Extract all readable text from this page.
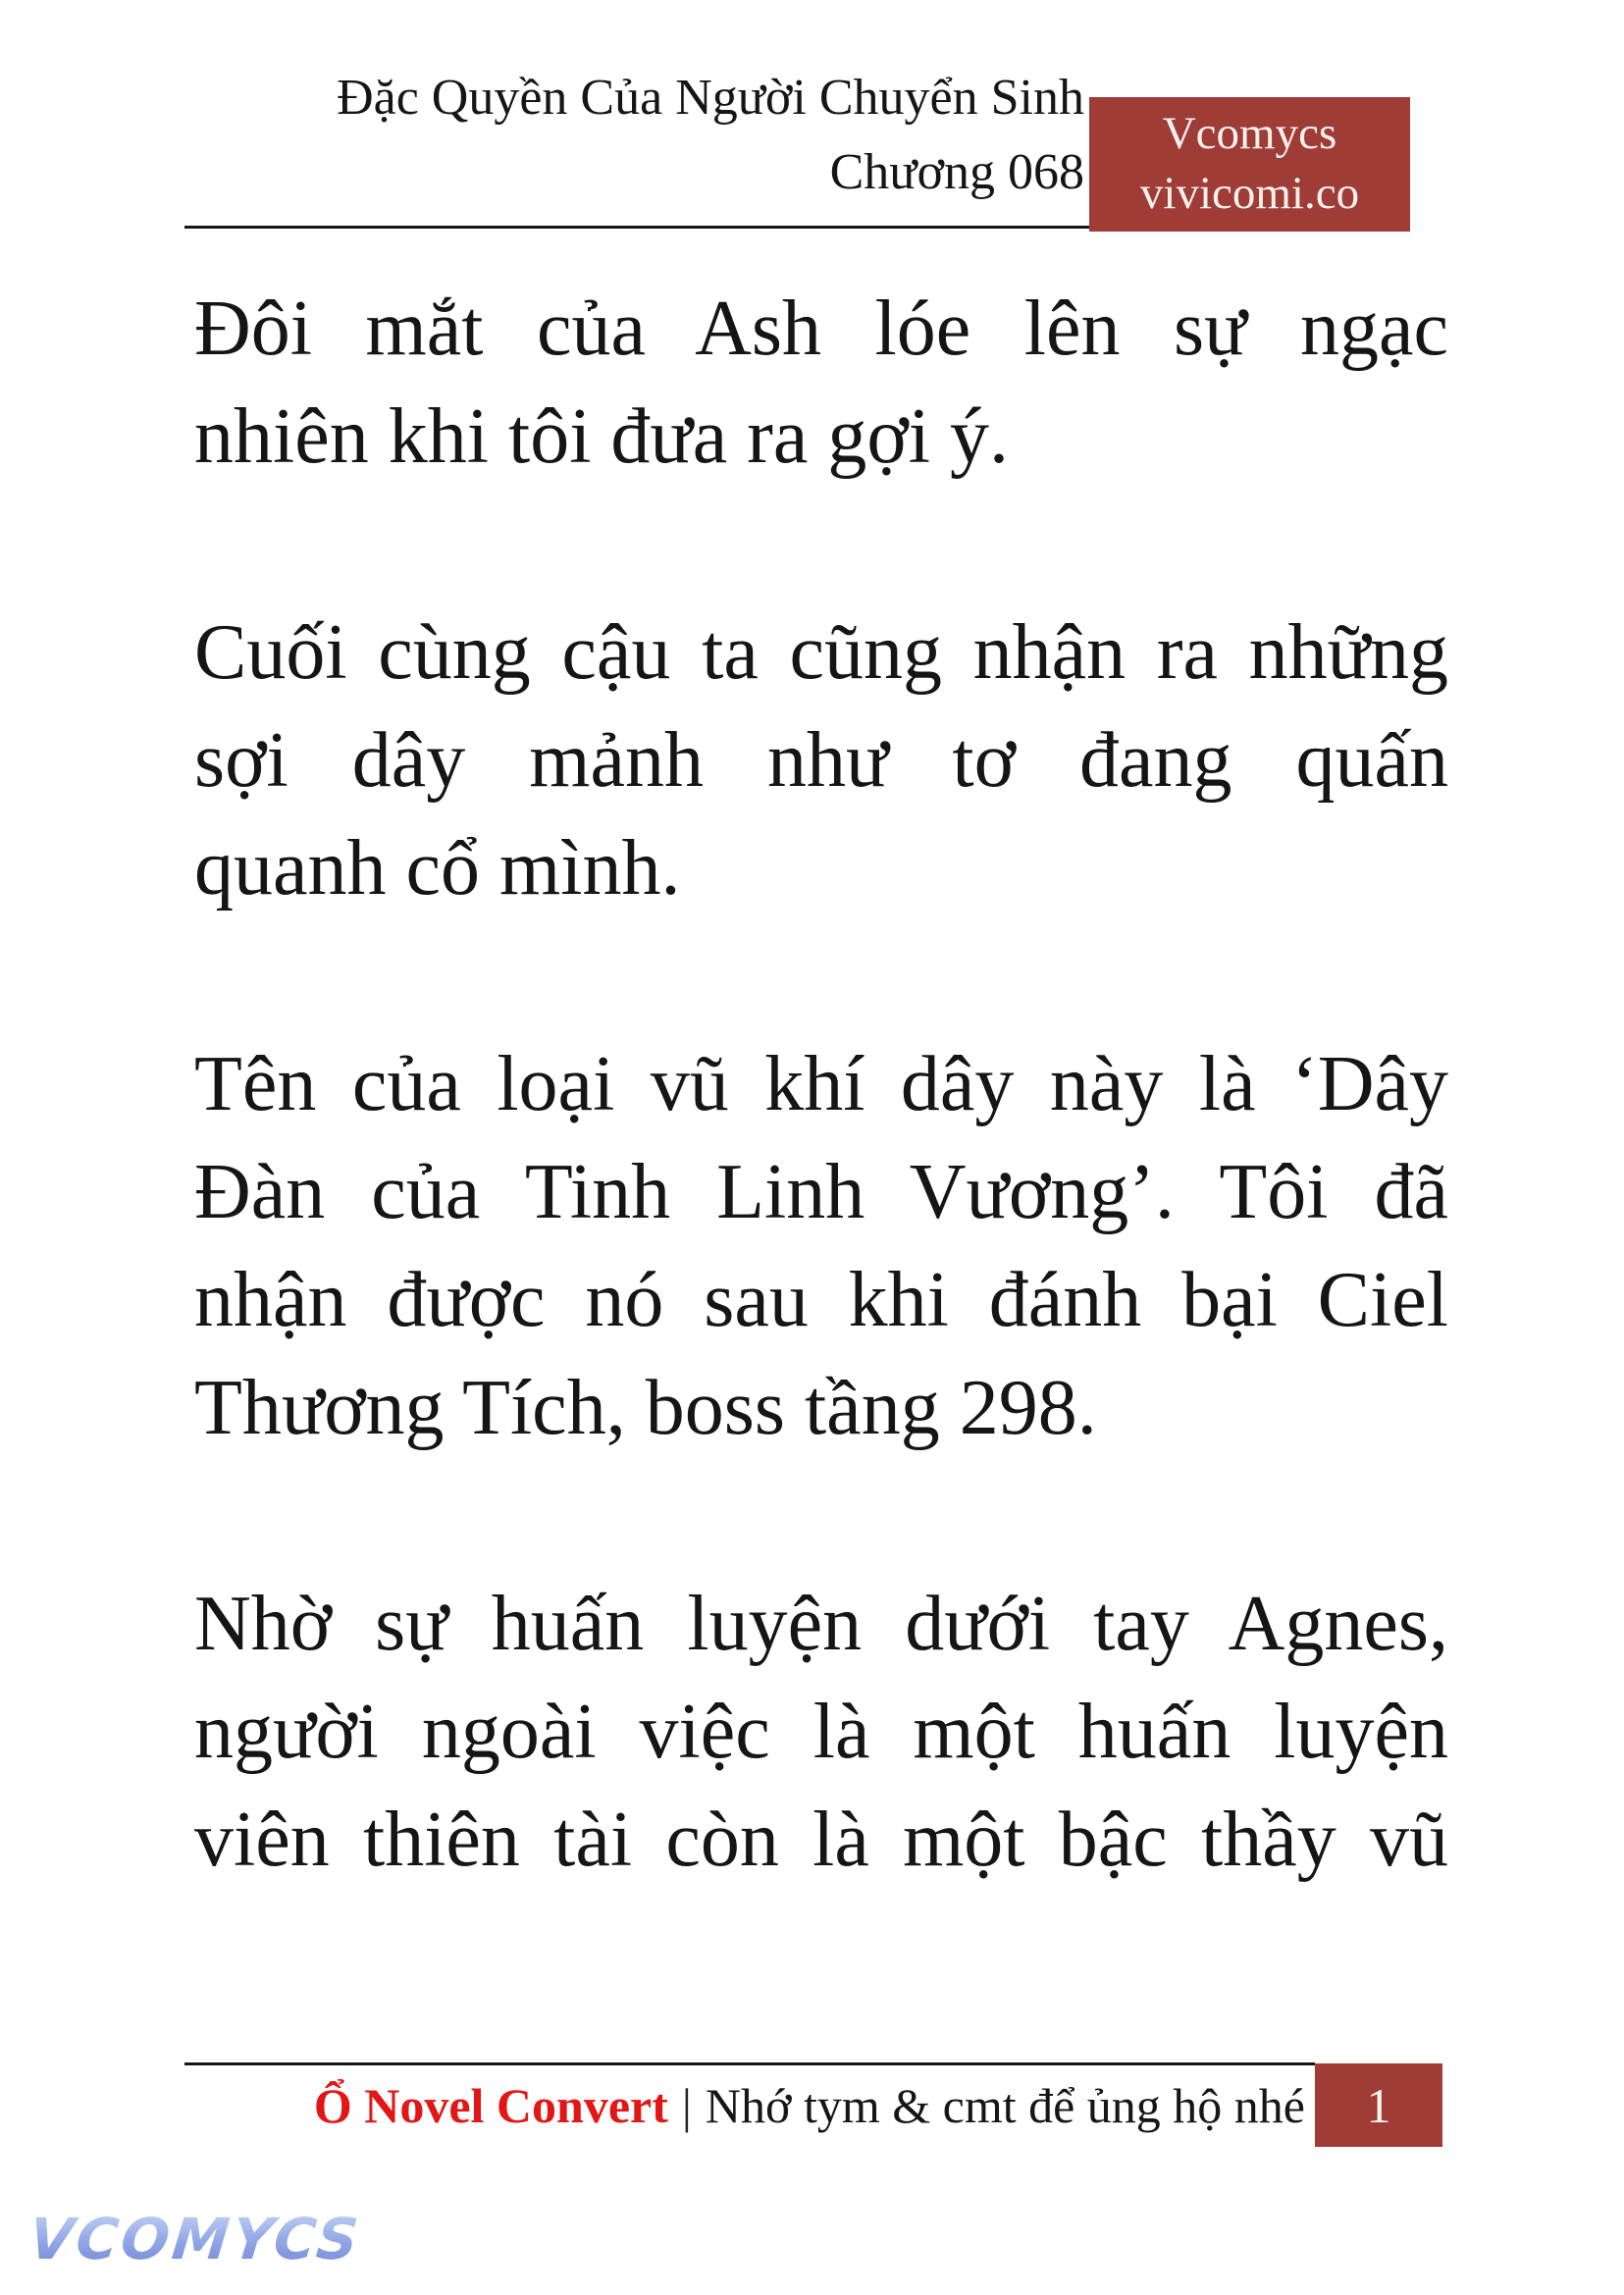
Đặc Quyền Của Người Chuyển Sinh
Chương 068
Vcomycs
vivicomi.co
Đôi mắt của Ash lóe lên sự ngạc
nhiên khi tôi đưa ra gợi ý.
Cuối cùng cậu ta cũng nhận ra những
sợi dây mảnh như tơ đang quấn
quanh cổ mình.
Tên của loại vũ khí dây này là ‘Dây
Đàn của Tinh Linh Vương’. Tôi đã
nhận được nó sau khi đánh bại Ciel
Thương Tích, boss tầng 298.
Nhờ sự huấn luyện dưới tay Agnes,
người ngoài việc là một huấn luyện
viên thiên tài còn là một bậc thầy vũ
Ổ Novel Convert | Nhớ tym & cmt để ủng hộ nhé 1
VCOMYCS
